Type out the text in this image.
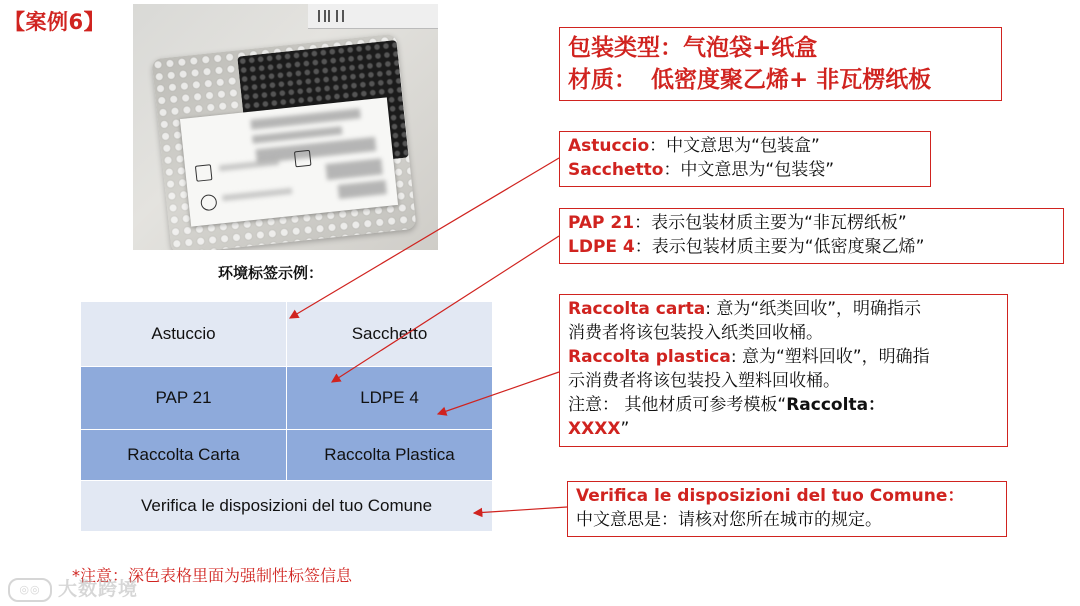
【案例6】
环境标签示例：
Astuccio	Sacchetto
PAP 21	LDPE 4
Raccolta Carta	Raccolta Plastica
Verifica le disposizioni del tuo Comune	
*注意：深色表格里面为强制性标签信息
◎◎ 大数跨境
包装类型：气泡袋+纸盒
材质： 低密度聚乙烯+ 非瓦楞纸板
Astuccio：中文意思为“包装盒”
Sacchetto：中文意思为“包装袋”
PAP 21：表示包装材质主要为“非瓦楞纸板”
LDPE 4：表示包装材质主要为“低密度聚乙烯”
Raccolta carta: 意为“纸类回收”，明确指示
消费者将该包装投入纸类回收桶。
Raccolta plastica: 意为“塑料回收”，明确指
示消费者将该包装投入塑料回收桶。
注意： 其他材质可参考模板“Raccolta：
XXXX”
Verifica le disposizioni del tuo Comune：
中文意思是：请核对您所在城市的规定。
